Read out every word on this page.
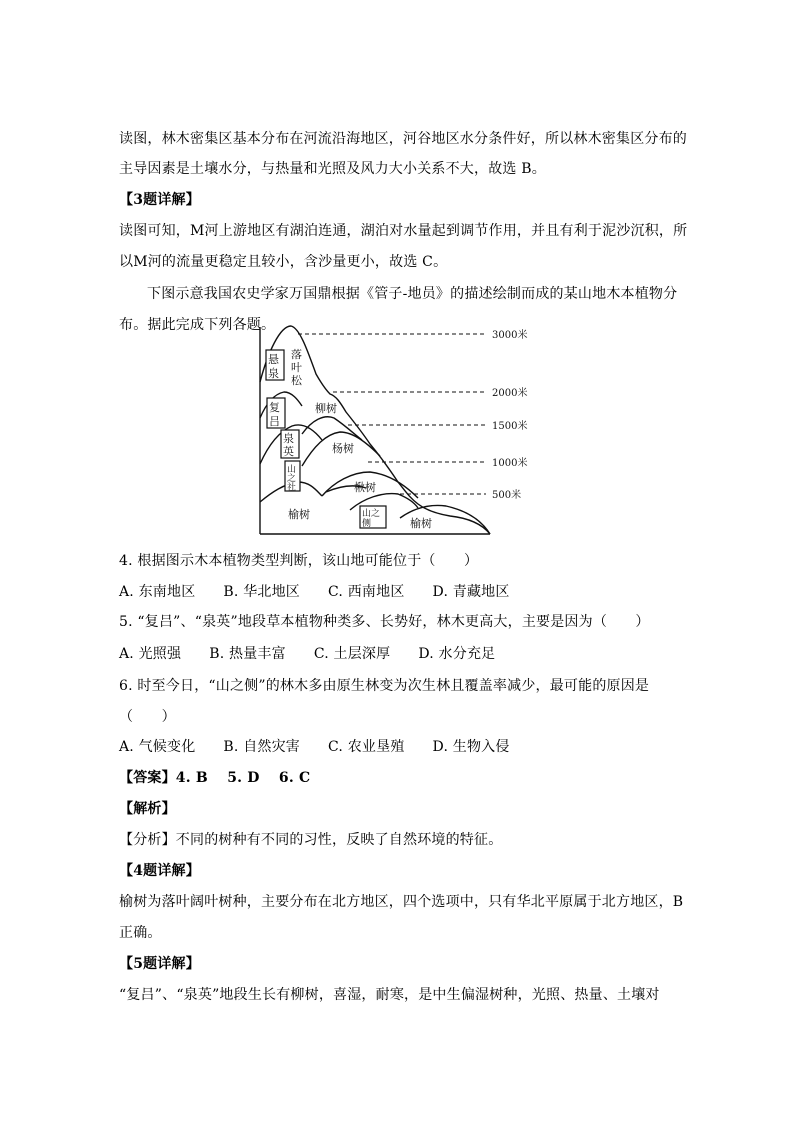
读图，林木密集区基本分布在河流沿海地区，河谷地区水分条件好，所以林木密集区分布的
主导因素是土壤水分，与热量和光照及风力大小关系不大，故选 B。
【3题详解】
读图可知，M河上游地区有湖泊连通，湖泊对水量起到调节作用，并且有利于泥沙沉积，所
以M河的流量更稳定且较小，含沙量更小，故选 C。
下图示意我国农史学家万国鼎根据《管子-地员》的描述绘制而成的某山地木本植物分
布。据此完成下列各题。
3000米
2000米
1500米
1000米
500米
悬泉
复吕
泉英
山之社
山之侧
落叶松
柳树
杨树
楸树
榆树
榆树
4. 根据图示木本植物类型判断，该山地可能位于（　　）
A. 东南地区 B. 华北地区 C. 西南地区 D. 青藏地区
5. “复吕”、“泉英”地段草本植物种类多、长势好，林木更高大，主要是因为（　　）
A. 光照强 B. 热量丰富 C. 土层深厚 D. 水分充足
6. 时至今日，“山之侧”的林木多由原生林变为次生林且覆盖率减少，最可能的原因是
（　　）
A. 气候变化 B. 自然灾害 C. 农业垦殖 D. 生物入侵
【答案】4. B　 5. D　 6. C
【解析】
【分析】不同的树种有不同的习性，反映了自然环境的特征。
【4题详解】
榆树为落叶阔叶树种，主要分布在北方地区，四个选项中，只有华北平原属于北方地区，B
正确。
【5题详解】
“复吕”、“泉英”地段生长有柳树，喜湿，耐寒，是中生偏湿树种，光照、热量、土壤对
